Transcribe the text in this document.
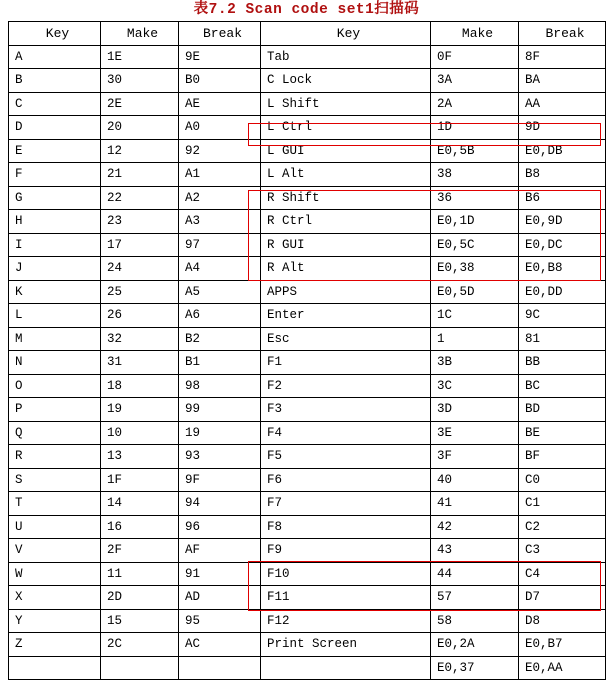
表7.2 Scan code set1扫描码
Key	Make	Break	Key	Make	Break
A	1E	9E	Tab	0F	8F
B	30	B0	C Lock	3A	BA
C	2E	AE	L Shift	2A	AA
D	20	A0	L Ctrl	1D	9D
E	12	92	L GUI	E0,5B	E0,DB
F	21	A1	L Alt	38	B8
G	22	A2	R Shift	36	B6
H	23	A3	R Ctrl	E0,1D	E0,9D
I	17	97	R GUI	E0,5C	E0,DC
J	24	A4	R Alt	E0,38	E0,B8
K	25	A5	APPS	E0,5D	E0,DD
L	26	A6	Enter	1C	9C
M	32	B2	Esc	1	81
N	31	B1	F1	3B	BB
O	18	98	F2	3C	BC
P	19	99	F3	3D	BD
Q	10	19	F4	3E	BE
R	13	93	F5	3F	BF
S	1F	9F	F6	40	C0
T	14	94	F7	41	C1
U	16	96	F8	42	C2
V	2F	AF	F9	43	C3
W	11	91	F10	44	C4
X	2D	AD	F11	57	D7
Y	15	95	F12	58	D8
Z	2C	AC	Print Screen	E0,2A	E0,B7
				E0,37	E0,AA
